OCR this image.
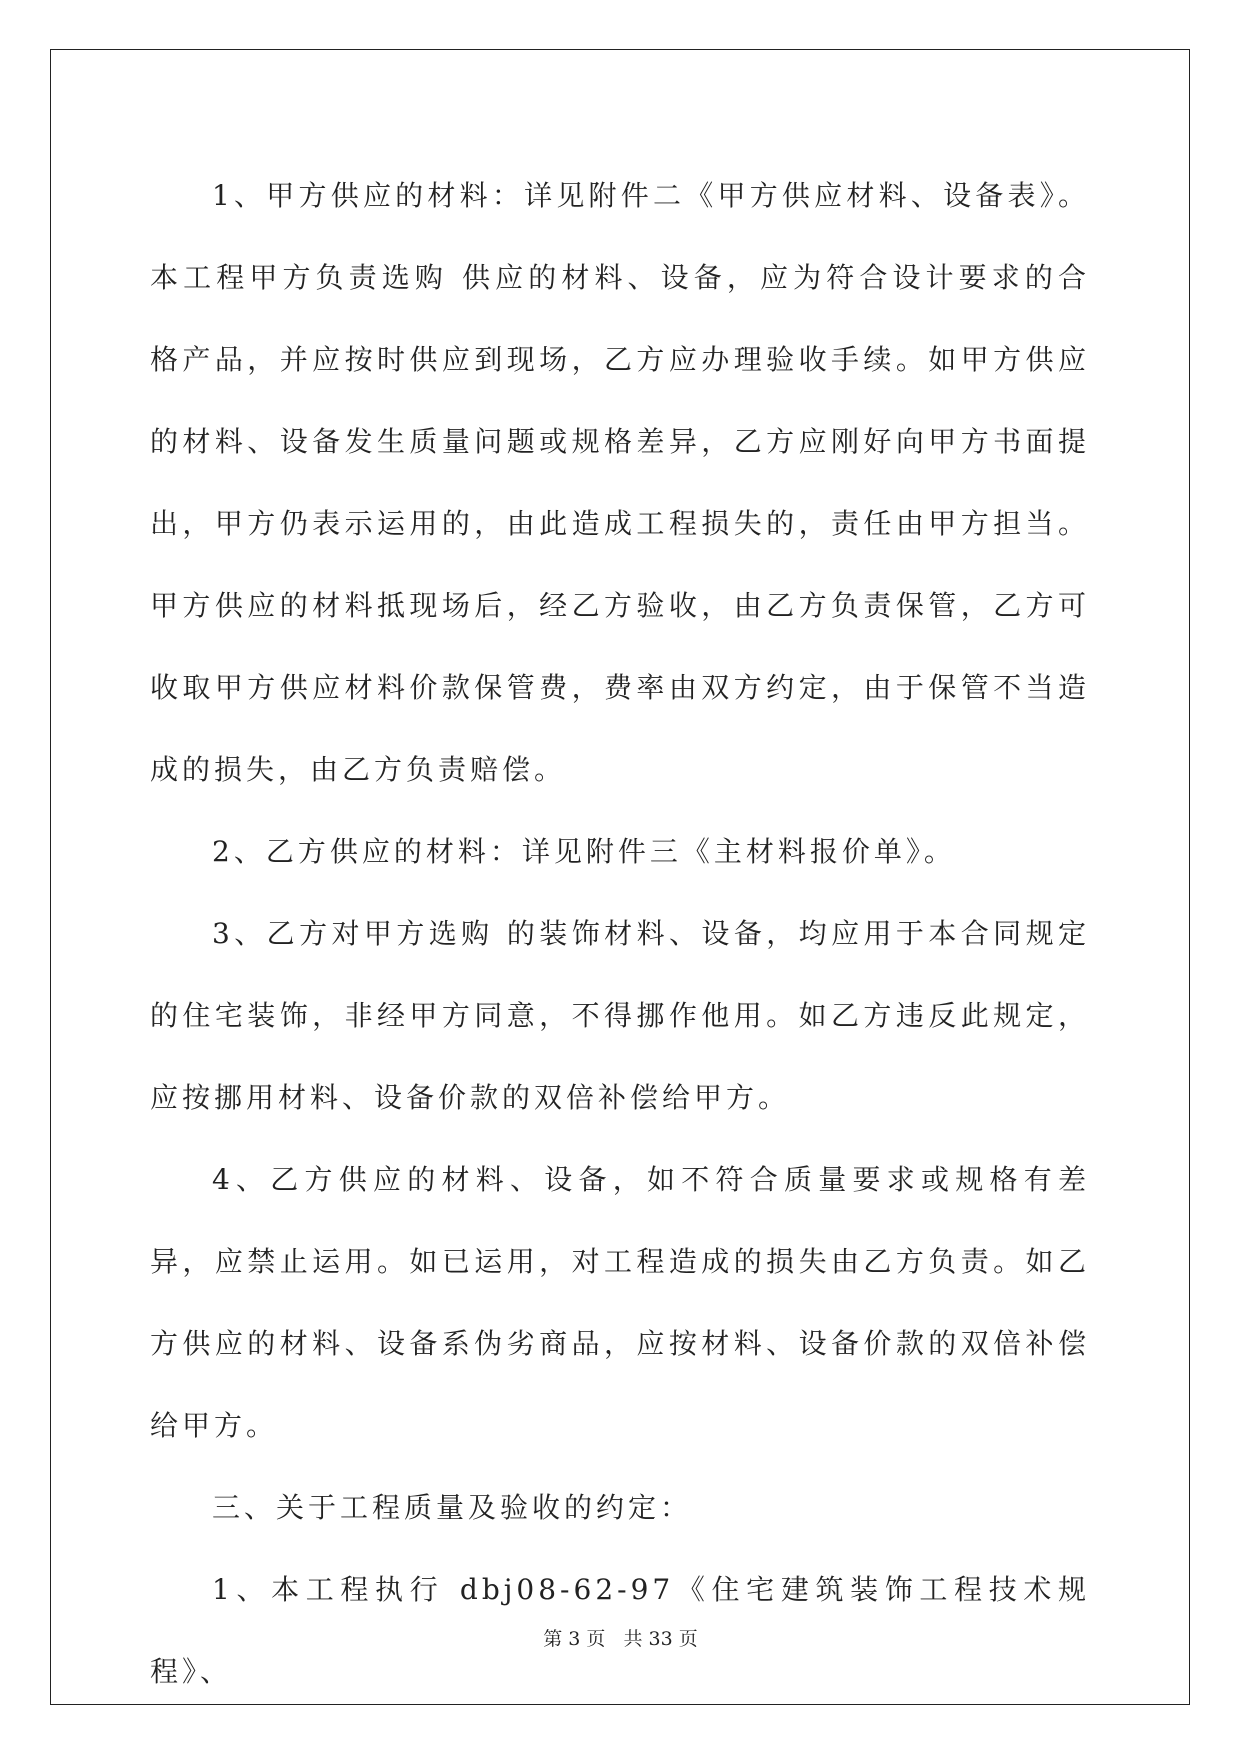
1、甲方供应的材料：详见附件二《甲方供应材料、设备表》。本工程甲方负责选购 供应的材料、设备，应为符合设计要求的合格产品，并应按时供应到现场，乙方应办理验收手续。如甲方供应的材料、设备发生质量问题或规格差异，乙方应刚好向甲方书面提出，甲方仍表示运用的，由此造成工程损失的，责任由甲方担当。甲方供应的材料抵现场后，经乙方验收，由乙方负责保管，乙方可收取甲方供应材料价款保管费，费率由双方约定，由于保管不当造成的损失，由乙方负责赔偿。

2、乙方供应的材料：详见附件三《主材料报价单》。

3、乙方对甲方选购 的装饰材料、设备，均应用于本合同规定的住宅装饰，非经甲方同意，不得挪作他用。如乙方违反此规定，应按挪用材料、设备价款的双倍补偿给甲方。

4、乙方供应的材料、设备，如不符合质量要求或规格有差异，应禁止运用。如已运用，对工程造成的损失由乙方负责。如乙方供应的材料、设备系伪劣商品，应按材料、设备价款的双倍补偿给甲方。

三、关于工程质量及验收的约定：

1、本工程执行 dbj08-62-97《住宅建筑装饰工程技术规程》、

第 3 页 共 33 页
